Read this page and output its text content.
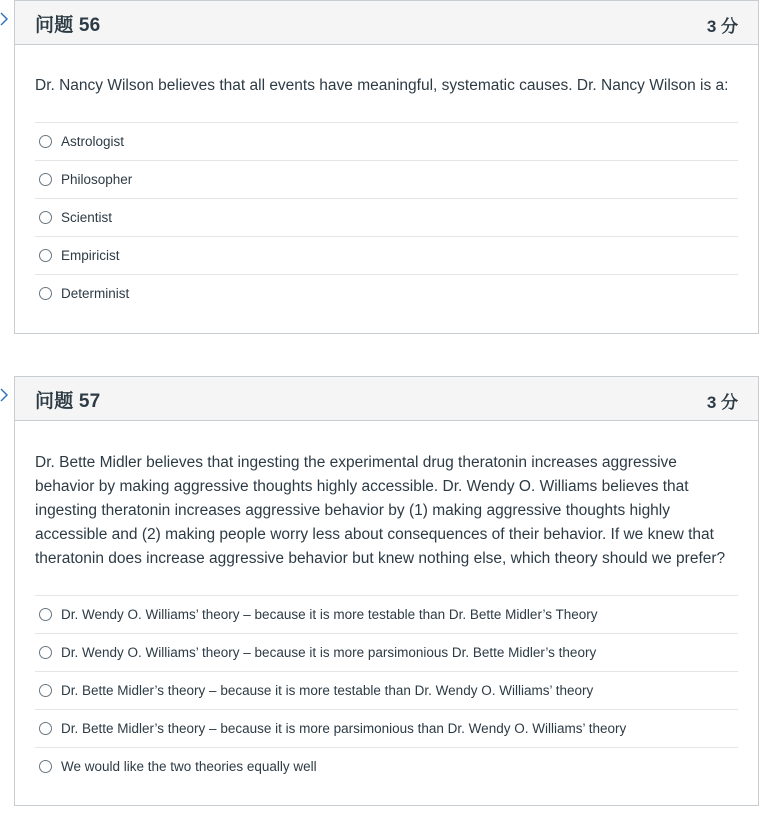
问题 56	3 分
Dr. Nancy Wilson believes that all events have meaningful, systematic causes. Dr. Nancy Wilson is a:
Astrologist
Philosopher
Scientist
Empiricist
Determinist
问题 57	3 分
Dr. Bette Midler believes that ingesting the experimental drug theratonin increases aggressive behavior by making aggressive thoughts highly accessible. Dr. Wendy O. Williams believes that ingesting theratonin increases aggressive behavior by (1) making aggressive thoughts highly accessible and (2) making people worry less about consequences of their behavior. If we knew that theratonin does increase aggressive behavior but knew nothing else, which theory should we prefer?
Dr. Wendy O. Williams’ theory – because it is more testable than Dr. Bette Midler’s Theory
Dr. Wendy O. Williams’ theory – because it is more parsimonious Dr. Bette Midler’s theory
Dr. Bette Midler’s theory – because it is more testable than Dr. Wendy O. Williams’ theory
Dr. Bette Midler’s theory – because it is more parsimonious than Dr. Wendy O. Williams’ theory
We would like the two theories equally well
